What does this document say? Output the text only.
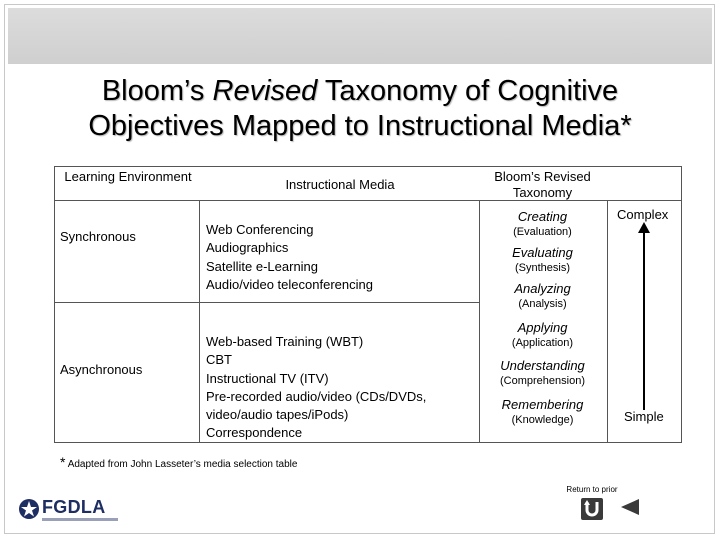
Bloom’s Revised Taxonomy of Cognitive
Objectives Mapped to Instructional Media*
Learning Environment
Instructional Media
Bloom’s Revised Taxonomy
Synchronous	Web Conferencing
Audiographics
Satellite e-Learning
Audio/video teleconferencing
Asynchronous
Web-based Training (WBT)
CBT
Instructional TV (ITV)
Pre-recorded audio/video (CDs/DVDs, video/audio tapes/iPods)
Correspondence
Creating
(Evaluation)
Evaluating
(Synthesis)
Analyzing
(Analysis)
Applying
(Application)
Understanding
(Comprehension)
Remembering
(Knowledge)
Complex
Simple
* Adapted from John Lasseter’s media selection table
Return to prior
FGDLA
